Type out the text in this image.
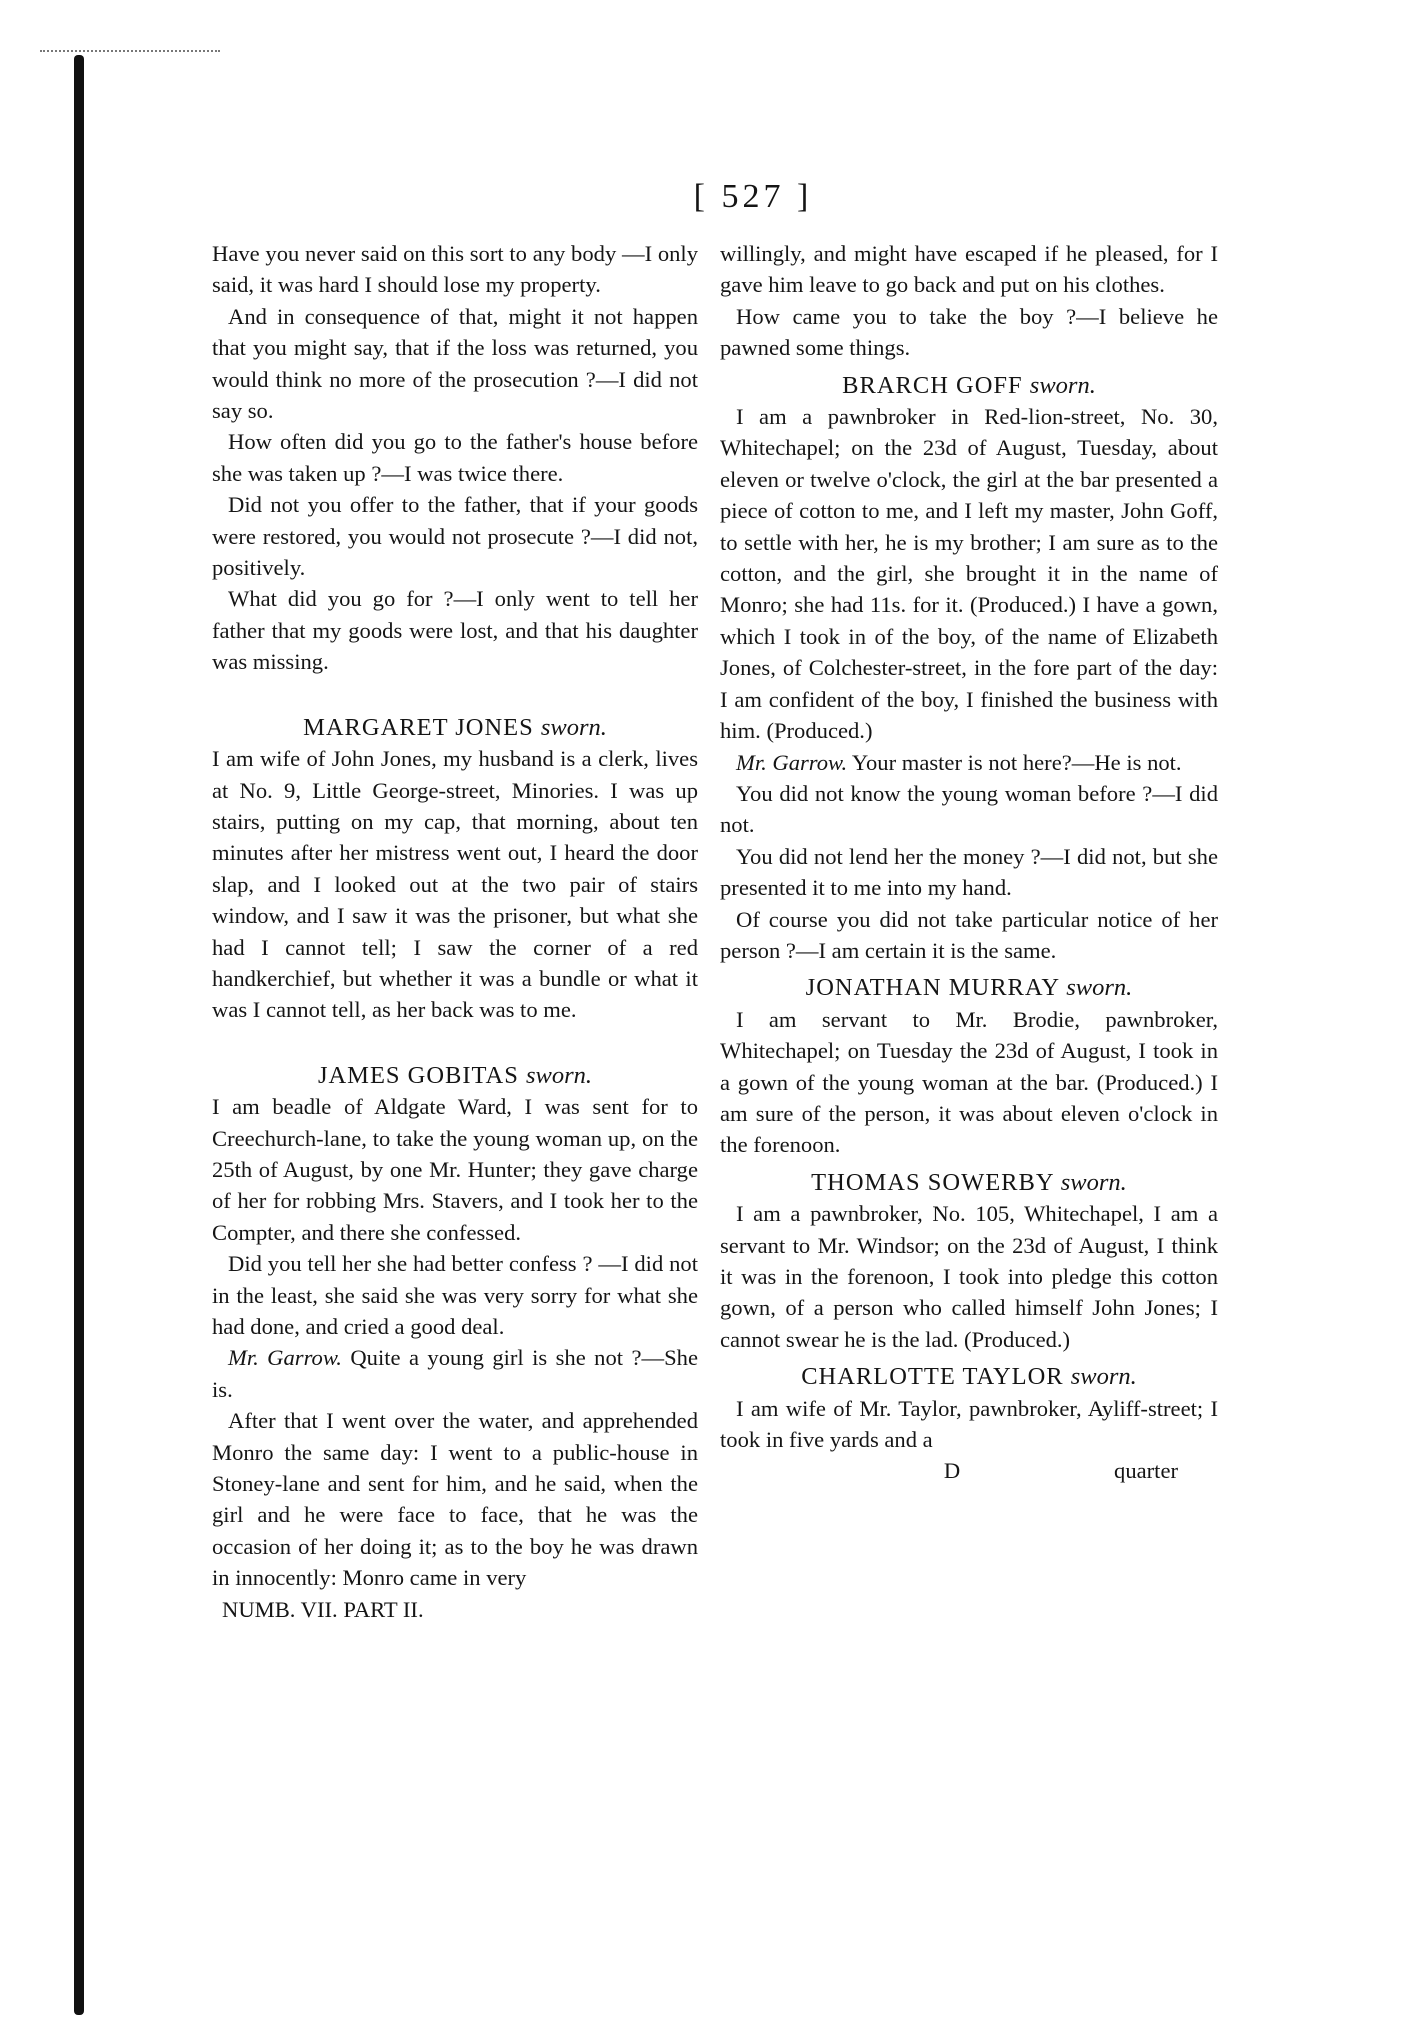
[ 527 ]

Have you never said on this sort to any body —I only said, it was hard I should lose my property.

And in consequence of that, might it not happen that you might say, that if the loss was returned, you would think no more of the prosecution ?—I did not say so.

How often did you go to the father's house before she was taken up ?—I was twice there.

Did not you offer to the father, that if your goods were restored, you would not prosecute ?—I did not, positively.

What did you go for ?—I only went to tell her father that my goods were lost, and that his daughter was missing.

MARGARET JONES sworn.

I am wife of John Jones, my husband is a clerk, lives at No. 9, Little George-street, Minories. I was up stairs, putting on my cap, that morning, about ten minutes after her mistress went out, I heard the door slap, and I looked out at the two pair of stairs window, and I saw it was the prisoner, but what she had I cannot tell; I saw the corner of a red handkerchief, but whether it was a bundle or what it was I cannot tell, as her back was to me.

JAMES GOBITAS sworn.

I am beadle of Aldgate Ward, I was sent for to Creechurch-lane, to take the young woman up, on the 25th of August, by one Mr. Hunter; they gave charge of her for robbing Mrs. Stavers, and I took her to the Compter, and there she confessed.

Did you tell her she had better confess ? —I did not in the least, she said she was very sorry for what she had done, and cried a good deal.

Mr. Garrow. Quite a young girl is she not ?—She is.

After that I went over the water, and apprehended Monro the same day: I went to a public-house in Stoney-lane and sent for him, and he said, when the girl and he were face to face, that he was the occasion of her doing it; as to the boy he was drawn in innocently: Monro came in very

NUMB. VII. PART II.

willingly, and might have escaped if he pleased, for I gave him leave to go back and put on his clothes.

How came you to take the boy ?—I believe he pawned some things.

BRARCH GOFF sworn.

I am a pawnbroker in Red-lion-street, No. 30, Whitechapel; on the 23d of August, Tuesday, about eleven or twelve o'clock, the girl at the bar presented a piece of cotton to me, and I left my master, John Goff, to settle with her, he is my brother; I am sure as to the cotton, and the girl, she brought it in the name of Monro; she had 11s. for it. (Produced.) I have a gown, which I took in of the boy, of the name of Elizabeth Jones, of Colchester-street, in the fore part of the day: I am confident of the boy, I finished the business with him. (Produced.)

Mr. Garrow. Your master is not here?—He is not.

You did not know the young woman before ?—I did not.

You did not lend her the money ?—I did not, but she presented it to me into my hand.

Of course you did not take particular notice of her person ?—I am certain it is the same.

JONATHAN MURRAY sworn.

I am servant to Mr. Brodie, pawnbroker, Whitechapel; on Tuesday the 23d of August, I took in a gown of the young woman at the bar. (Produced.) I am sure of the person, it was about eleven o'clock in the forenoon.

THOMAS SOWERBY sworn.

I am a pawnbroker, No. 105, Whitechapel, I am a servant to Mr. Windsor; on the 23d of August, I think it was in the forenoon, I took into pledge this cotton gown, of a person who called himself John Jones; I cannot swear he is the lad. (Produced.)

CHARLOTTE TAYLOR sworn.

I am wife of Mr. Taylor, pawnbroker, Ayliff-street; I took in five yards and a

D	quarter
